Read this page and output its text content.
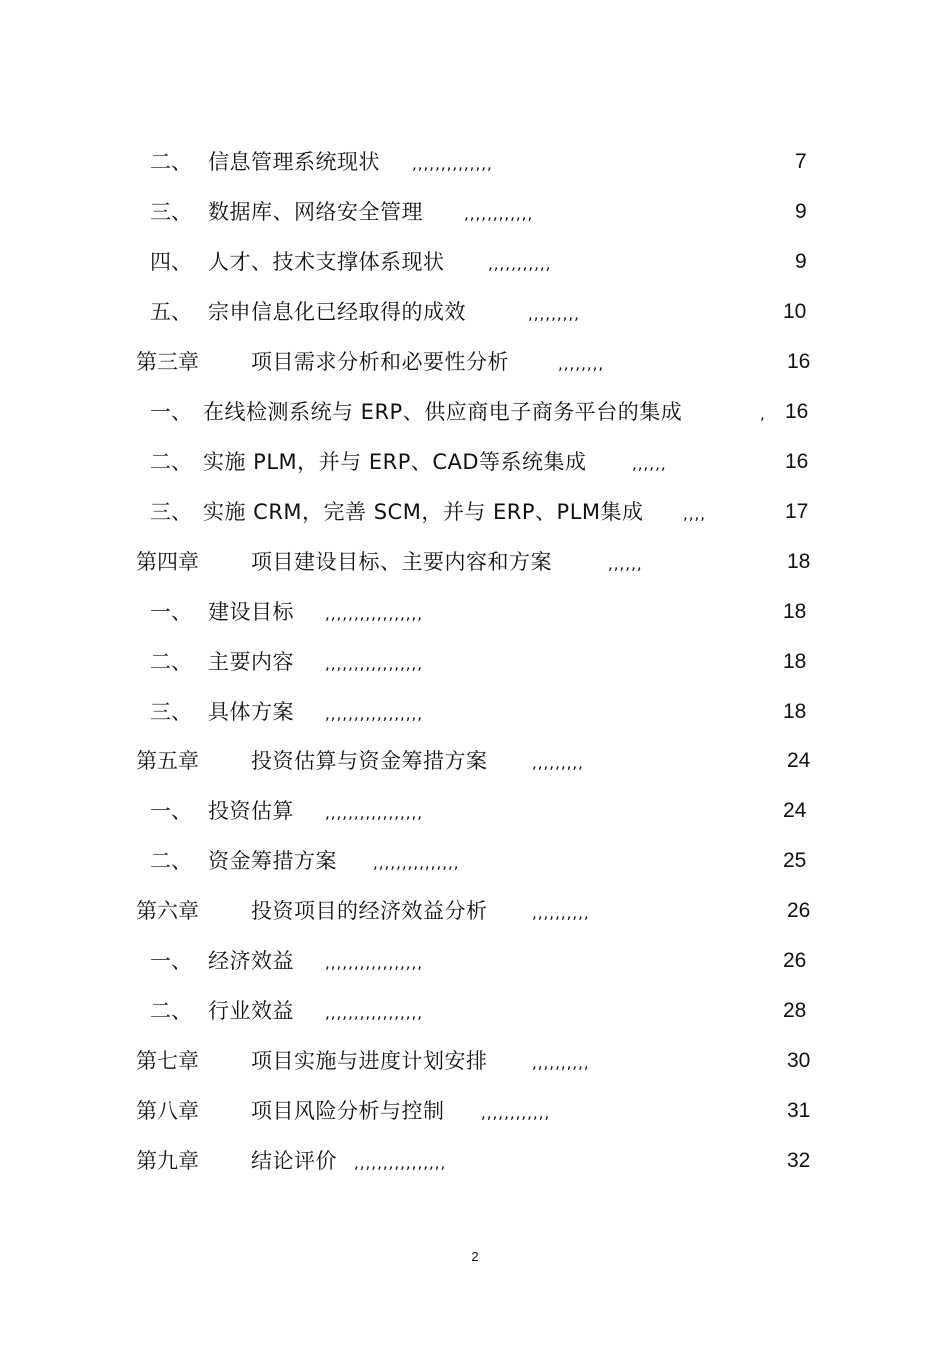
二、 信息管理系统现状 ,,,,,,,,,,,,,,	7
三、 数据库、网络安全管理	,,,,,,,,,,,,	9
四、 人才、技术支撑体系现状	,,,,,,,,,,,	9
五、 宗申信息化已经取得的成效	,,,,,,,,,	10
第三章 项目需求分析和必要性分析	,,,,,,,,	16
一、 在线检测系统与 ERP、供应商电子商务平台的集成	, 16
二、 实施 PLM，并与 ERP、CAD等系统集成	,,,,,,	16
三、 实施 CRM，完善 SCM，并与 ERP、PLM集成	,,,,	17
第四章 项目建设目标、主要内容和方案	,,,,,,	18
一、 建设目标 ,,,,,,,,,,,,,,,,,	18
二、 主要内容 ,,,,,,,,,,,,,,,,,	18
三、 具体方案 ,,,,,,,,,,,,,,,,,	18
第五章 投资估算与资金筹措方案	,,,,,,,,,	24
一、 投资估算 ,,,,,,,,,,,,,,,,,	24
二、 资金筹措方案 ,,,,,,,,,,,,,,,	25
第六章 投资项目的经济效益分析	,,,,,,,,,,	26
一、 经济效益 ,,,,,,,,,,,,,,,,,	26
二、 行业效益 ,,,,,,,,,,,,,,,,,	28
第七章 项目实施与进度计划安排	,,,,,,,,,,	30
第八章 项目风险分析与控制 ,,,,,,,,,,,,	31
第九章 结论评价 ,,,,,,,,,,,,,,,,	32
2
